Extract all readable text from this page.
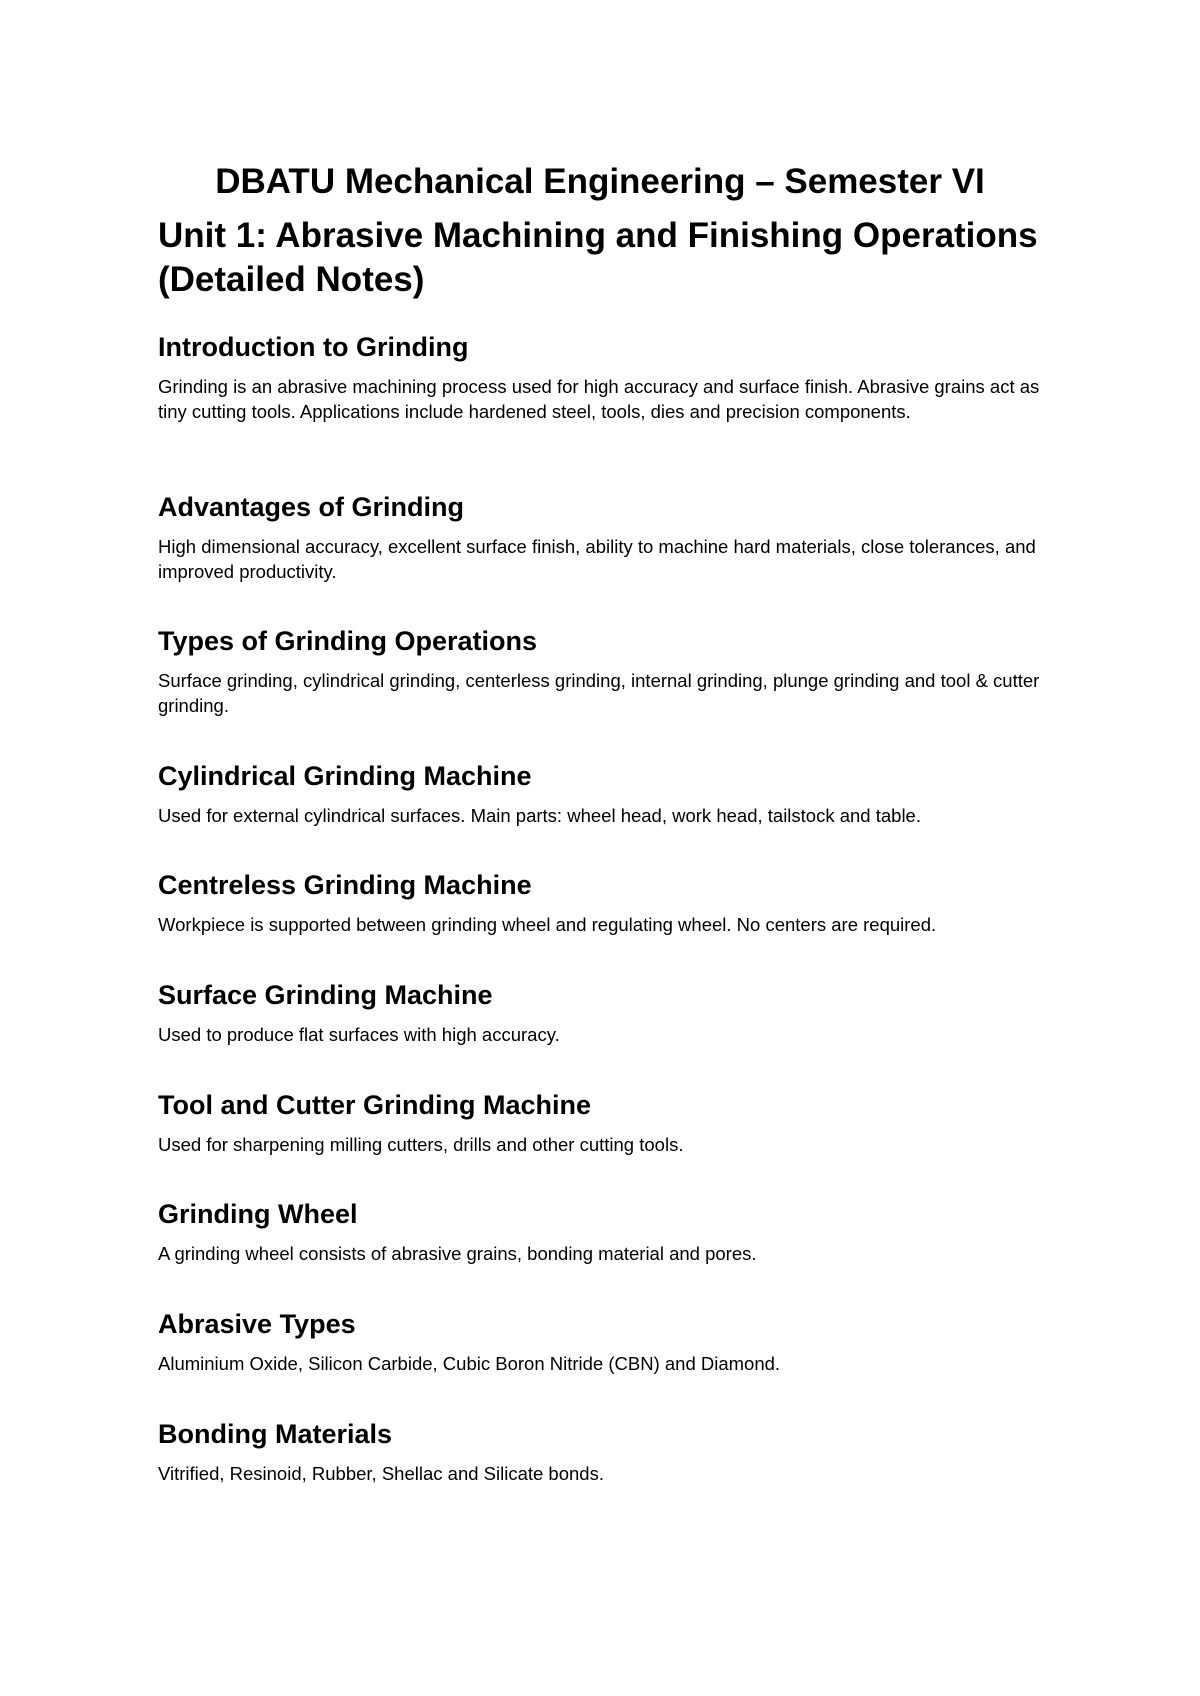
DBATU Mechanical Engineering – Semester VI
Unit 1: Abrasive Machining and Finishing Operations (Detailed Notes)
Introduction to Grinding

Grinding is an abrasive machining process used for high accuracy and surface finish. Abrasive grains act as tiny cutting tools. Applications include hardened steel, tools, dies and precision components.

Advantages of Grinding

High dimensional accuracy, excellent surface finish, ability to machine hard materials, close tolerances, and improved productivity.

Types of Grinding Operations

Surface grinding, cylindrical grinding, centerless grinding, internal grinding, plunge grinding and tool & cutter grinding.

Cylindrical Grinding Machine

Used for external cylindrical surfaces. Main parts: wheel head, work head, tailstock and table.

Centreless Grinding Machine

Workpiece is supported between grinding wheel and regulating wheel. No centers are required.

Surface Grinding Machine

Used to produce flat surfaces with high accuracy.

Tool and Cutter Grinding Machine

Used for sharpening milling cutters, drills and other cutting tools.

Grinding Wheel

A grinding wheel consists of abrasive grains, bonding material and pores.

Abrasive Types

Aluminium Oxide, Silicon Carbide, Cubic Boron Nitride (CBN) and Diamond.

Bonding Materials

Vitrified, Resinoid, Rubber, Shellac and Silicate bonds.
